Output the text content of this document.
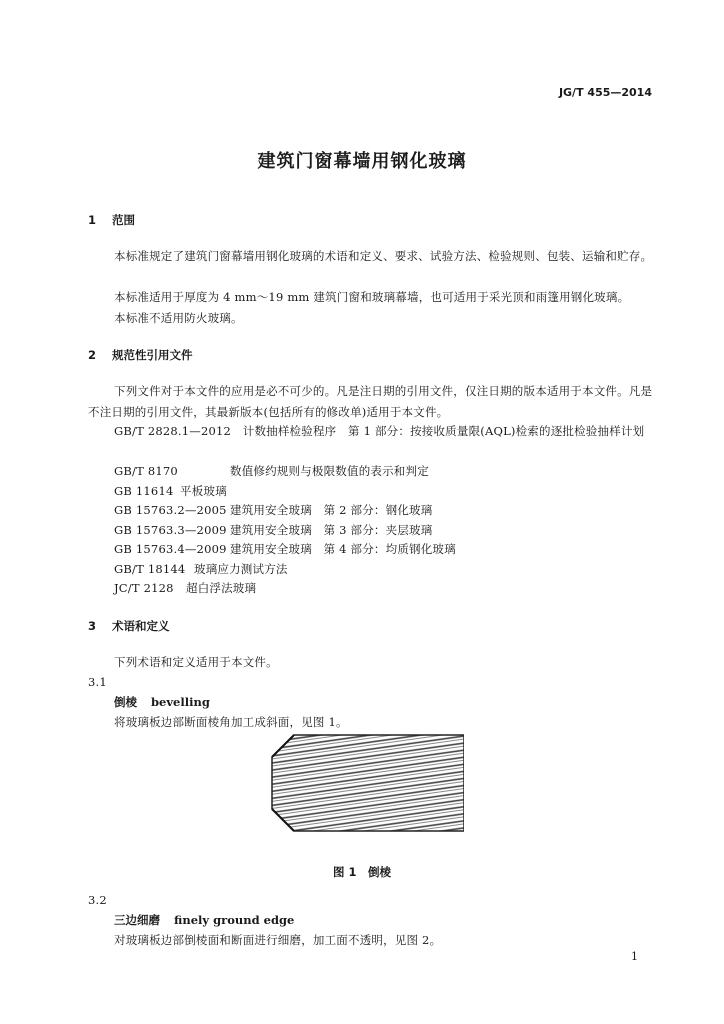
JG/T 455—2014
建筑门窗幕墙用钢化玻璃
1 范围
本标准规定了建筑门窗幕墙用钢化玻璃的术语和定义、要求、试验方法、检验规则、包装、运输和贮存。
本标准适用于厚度为 4 mm～19 mm 建筑门窗和玻璃幕墙，也可适用于采光顶和雨篷用钢化玻璃。
本标准不适用防火玻璃。
2 规范性引用文件
下列文件对于本文件的应用是必不可少的。凡是注日期的引用文件，仅注日期的版本适用于本文件。凡是不注日期的引用文件，其最新版本(包括所有的修改单)适用于本文件。
GB/T 2828.1—2012　计数抽样检验程序　第 1 部分：按接收质量限(AQL)检索的逐批检验抽样计划
GB/T 8170	数值修约规则与极限数值的表示和判定
GB 11614 平板玻璃
GB 15763.2—2005 建筑用安全玻璃　第 2 部分：钢化玻璃
GB 15763.3—2009 建筑用安全玻璃　第 3 部分：夹层玻璃
GB 15763.4—2009 建筑用安全玻璃　第 4 部分：均质钢化玻璃
GB/T 18144 玻璃应力测试方法
JC/T 2128 超白浮法玻璃
3 术语和定义
下列术语和定义适用于本文件。
3.1
倒棱 bevelling
将玻璃板边部断面棱角加工成斜面，见图 1。
图 1　倒棱
3.2
三边细磨 finely ground edge
对玻璃板边部倒棱面和断面进行细磨，加工面不透明，见图 2。
1
